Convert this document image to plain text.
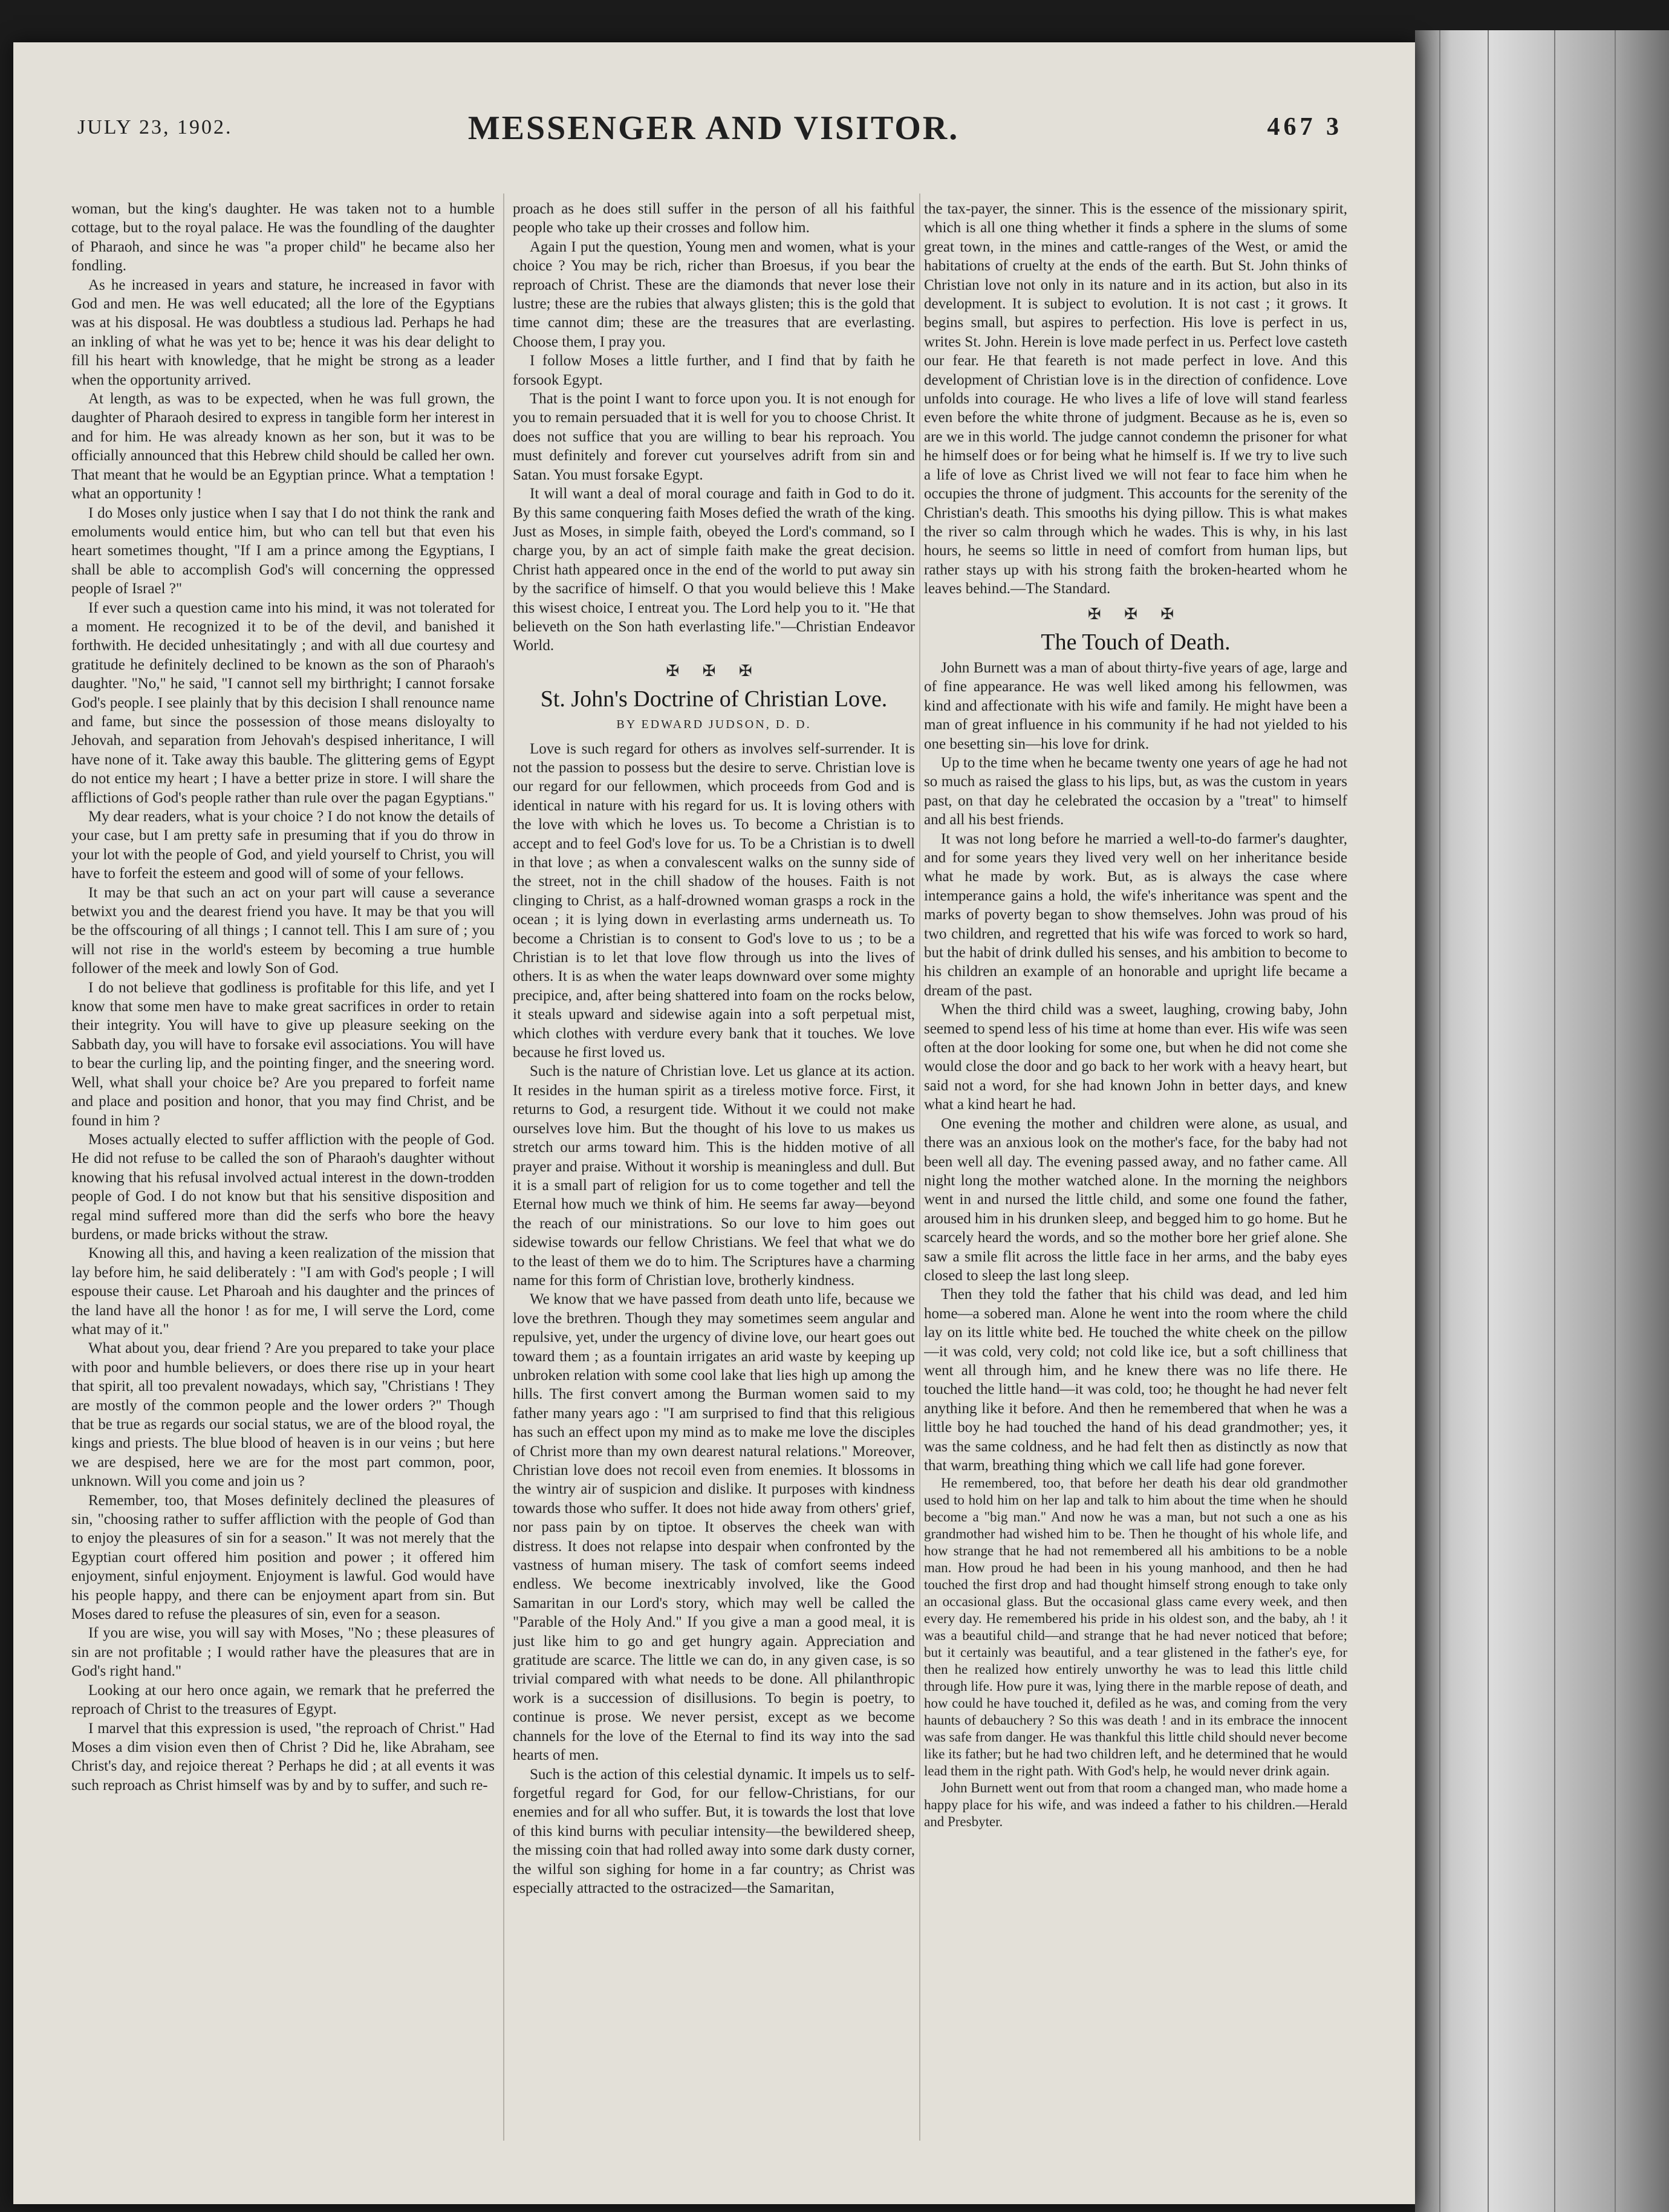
JULY 23, 1902.	MESSENGER AND VISITOR.	467 3

woman, but the king's daughter. He was taken not to a humble cottage, but to the royal palace. He was the foundling of the daughter of Pharaoh, and since he was "a proper child" he became also her fondling.

As he increased in years and stature, he increased in favor with God and men. He was well educated; all the lore of the Egyptians was at his disposal. He was doubtless a studious lad. Perhaps he had an inkling of what he was yet to be; hence it was his dear delight to fill his heart with knowledge, that he might be strong as a leader when the opportunity arrived.

At length, as was to be expected, when he was full grown, the daughter of Pharaoh desired to express in tangible form her interest in and for him. He was already known as her son, but it was to be officially announced that this Hebrew child should be called her own. That meant that he would be an Egyptian prince. What a temptation ! what an opportunity !

I do Moses only justice when I say that I do not think the rank and emoluments would entice him, but who can tell but that even his heart sometimes thought, "If I am a prince among the Egyptians, I shall be able to accomplish God's will concerning the oppressed people of Israel ?"

If ever such a question came into his mind, it was not tolerated for a moment. He recognized it to be of the devil, and banished it forthwith. He decided unhesitatingly ; and with all due courtesy and gratitude he definitely declined to be known as the son of Pharaoh's daughter. "No," he said, "I cannot sell my birthright; I cannot forsake God's people. I see plainly that by this decision I shall renounce name and fame, but since the possession of those means disloyalty to Jehovah, and separation from Jehovah's despised inheritance, I will have none of it. Take away this bauble. The glittering gems of Egypt do not entice my heart ; I have a better prize in store. I will share the afflictions of God's people rather than rule over the pagan Egyptians."

My dear readers, what is your choice ? I do not know the details of your case, but I am pretty safe in presuming that if you do throw in your lot with the people of God, and yield yourself to Christ, you will have to forfeit the esteem and good will of some of your fellows.

It may be that such an act on your part will cause a severance betwixt you and the dearest friend you have. It may be that you will be the offscouring of all things ; I cannot tell. This I am sure of ; you will not rise in the world's esteem by becoming a true humble follower of the meek and lowly Son of God.

I do not believe that godliness is profitable for this life, and yet I know that some men have to make great sacrifices in order to retain their integrity. You will have to give up pleasure seeking on the Sabbath day, you will have to forsake evil associations. You will have to bear the curling lip, and the pointing finger, and the sneering word. Well, what shall your choice be? Are you prepared to forfeit name and place and position and honor, that you may find Christ, and be found in him ?

Moses actually elected to suffer affliction with the people of God. He did not refuse to be called the son of Pharaoh's daughter without knowing that his refusal involved actual interest in the down-trodden people of God. I do not know but that his sensitive disposition and regal mind suffered more than did the serfs who bore the heavy burdens, or made bricks without the straw.

Knowing all this, and having a keen realization of the mission that lay before him, he said deliberately : "I am with God's people ; I will espouse their cause. Let Pharoah and his daughter and the princes of the land have all the honor ! as for me, I will serve the Lord, come what may of it."

What about you, dear friend ? Are you prepared to take your place with poor and humble believers, or does there rise up in your heart that spirit, all too prevalent nowadays, which say, "Christians ! They are mostly of the common people and the lower orders ?" Though that be true as regards our social status, we are of the blood royal, the kings and priests. The blue blood of heaven is in our veins ; but here we are despised, here we are for the most part common, poor, unknown. Will you come and join us ?

Remember, too, that Moses definitely declined the pleasures of sin, "choosing rather to suffer affliction with the people of God than to enjoy the pleasures of sin for a season." It was not merely that the Egyptian court offered him position and power ; it offered him enjoyment, sinful enjoyment. Enjoyment is lawful. God would have his people happy, and there can be enjoyment apart from sin. But Moses dared to refuse the pleasures of sin, even for a season.

If you are wise, you will say with Moses, "No ; these pleasures of sin are not profitable ; I would rather have the pleasures that are in God's right hand."

Looking at our hero once again, we remark that he preferred the reproach of Christ to the treasures of Egypt.

I marvel that this expression is used, "the reproach of Christ." Had Moses a dim vision even then of Christ ? Did he, like Abraham, see Christ's day, and rejoice thereat ? Perhaps he did ; at all events it was such reproach as Christ himself was by and by to suffer, and such re-

proach as he does still suffer in the person of all his faithful people who take up their crosses and follow him.

Again I put the question, Young men and women, what is your choice ? You may be rich, richer than Broesus, if you bear the reproach of Christ. These are the diamonds that never lose their lustre; these are the rubies that always glisten; this is the gold that time cannot dim; these are the treasures that are everlasting. Choose them, I pray you.

I follow Moses a little further, and I find that by faith he forsook Egypt.

That is the point I want to force upon you. It is not enough for you to remain persuaded that it is well for you to choose Christ. It does not suffice that you are willing to bear his reproach. You must definitely and forever cut yourselves adrift from sin and Satan. You must forsake Egypt.

It will want a deal of moral courage and faith in God to do it. By this same conquering faith Moses defied the wrath of the king. Just as Moses, in simple faith, obeyed the Lord's command, so I charge you, by an act of simple faith make the great decision. Christ hath appeared once in the end of the world to put away sin by the sacrifice of himself. O that you would believe this ! Make this wisest choice, I entreat you. The Lord help you to it. "He that believeth on the Son hath everlasting life."—Christian Endeavor World.

✠ ✠ ✠
St. John's Doctrine of Christian Love.
BY EDWARD JUDSON, D. D.

Love is such regard for others as involves self-surrender. It is not the passion to possess but the desire to serve. Christian love is our regard for our fellowmen, which proceeds from God and is identical in nature with his regard for us. It is loving others with the love with which he loves us. To become a Christian is to accept and to feel God's love for us. To be a Christian is to dwell in that love ; as when a convalescent walks on the sunny side of the street, not in the chill shadow of the houses. Faith is not clinging to Christ, as a half-drowned woman grasps a rock in the ocean ; it is lying down in everlasting arms underneath us. To become a Christian is to consent to God's love to us ; to be a Christian is to let that love flow through us into the lives of others. It is as when the water leaps downward over some mighty precipice, and, after being shattered into foam on the rocks below, it steals upward and sidewise again into a soft perpetual mist, which clothes with verdure every bank that it touches. We love because he first loved us.

Such is the nature of Christian love. Let us glance at its action. It resides in the human spirit as a tireless motive force. First, it returns to God, a resurgent tide. Without it we could not make ourselves love him. But the thought of his love to us makes us stretch our arms toward him. This is the hidden motive of all prayer and praise. Without it worship is meaningless and dull. But it is a small part of religion for us to come together and tell the Eternal how much we think of him. He seems far away—beyond the reach of our ministrations. So our love to him goes out sidewise towards our fellow Christians. We feel that what we do to the least of them we do to him. The Scriptures have a charming name for this form of Christian love, brotherly kindness.

We know that we have passed from death unto life, because we love the brethren. Though they may sometimes seem angular and repulsive, yet, under the urgency of divine love, our heart goes out toward them ; as a fountain irrigates an arid waste by keeping up unbroken relation with some cool lake that lies high up among the hills. The first convert among the Burman women said to my father many years ago : "I am surprised to find that this religious has such an effect upon my mind as to make me love the disciples of Christ more than my own dearest natural relations." Moreover, Christian love does not recoil even from enemies. It blossoms in the wintry air of suspicion and dislike. It purposes with kindness towards those who suffer. It does not hide away from others' grief, nor pass pain by on tiptoe. It observes the cheek wan with distress. It does not relapse into despair when confronted by the vastness of human misery. The task of comfort seems indeed endless. We become inextricably involved, like the Good Samaritan in our Lord's story, which may well be called the "Parable of the Holy And." If you give a man a good meal, it is just like him to go and get hungry again. Appreciation and gratitude are scarce. The little we can do, in any given case, is so trivial compared with what needs to be done. All philanthropic work is a succession of disillusions. To begin is poetry, to continue is prose. We never persist, except as we become channels for the love of the Eternal to find its way into the sad hearts of men.

Such is the action of this celestial dynamic. It impels us to self-forgetful regard for God, for our fellow-Christians, for our enemies and for all who suffer. But, it is towards the lost that love of this kind burns with peculiar intensity—the bewildered sheep, the missing coin that had rolled away into some dark dusty corner, the wilful son sighing for home in a far country; as Christ was especially attracted to the ostracized—the Samaritan,

the tax-payer, the sinner. This is the essence of the missionary spirit, which is all one thing whether it finds a sphere in the slums of some great town, in the mines and cattle-ranges of the West, or amid the habitations of cruelty at the ends of the earth. But St. John thinks of Christian love not only in its nature and in its action, but also in its development. It is subject to evolution. It is not cast ; it grows. It begins small, but aspires to perfection. His love is perfect in us, writes St. John. Herein is love made perfect in us. Perfect love casteth our fear. He that feareth is not made perfect in love. And this development of Christian love is in the direction of confidence. Love unfolds into courage. He who lives a life of love will stand fearless even before the white throne of judgment. Because as he is, even so are we in this world. The judge cannot condemn the prisoner for what he himself does or for being what he himself is. If we try to live such a life of love as Christ lived we will not fear to face him when he occupies the throne of judgment. This accounts for the serenity of the Christian's death. This smooths his dying pillow. This is what makes the river so calm through which he wades. This is why, in his last hours, he seems so little in need of comfort from human lips, but rather stays up with his strong faith the broken-hearted whom he leaves behind.—The Standard.

✠ ✠ ✠
The Touch of Death.

John Burnett was a man of about thirty-five years of age, large and of fine appearance. He was well liked among his fellowmen, was kind and affectionate with his wife and family. He might have been a man of great influence in his community if he had not yielded to his one besetting sin—his love for drink.

Up to the time when he became twenty one years of age he had not so much as raised the glass to his lips, but, as was the custom in years past, on that day he celebrated the occasion by a "treat" to himself and all his best friends.

It was not long before he married a well-to-do farmer's daughter, and for some years they lived very well on her inheritance beside what he made by work. But, as is always the case where intemperance gains a hold, the wife's inheritance was spent and the marks of poverty began to show themselves. John was proud of his two children, and regretted that his wife was forced to work so hard, but the habit of drink dulled his senses, and his ambition to become to his children an example of an honorable and upright life became a dream of the past.

When the third child was a sweet, laughing, crowing baby, John seemed to spend less of his time at home than ever. His wife was seen often at the door looking for some one, but when he did not come she would close the door and go back to her work with a heavy heart, but said not a word, for she had known John in better days, and knew what a kind heart he had.

One evening the mother and children were alone, as usual, and there was an anxious look on the mother's face, for the baby had not been well all day. The evening passed away, and no father came. All night long the mother watched alone. In the morning the neighbors went in and nursed the little child, and some one found the father, aroused him in his drunken sleep, and begged him to go home. But he scarcely heard the words, and so the mother bore her grief alone. She saw a smile flit across the little face in her arms, and the baby eyes closed to sleep the last long sleep.

Then they told the father that his child was dead, and led him home—a sobered man. Alone he went into the room where the child lay on its little white bed. He touched the white cheek on the pillow—it was cold, very cold; not cold like ice, but a soft chilliness that went all through him, and he knew there was no life there. He touched the little hand—it was cold, too; he thought he had never felt anything like it before. And then he remembered that when he was a little boy he had touched the hand of his dead grandmother; yes, it was the same coldness, and he had felt then as distinctly as now that that warm, breathing thing which we call life had gone forever.

He remembered, too, that before her death his dear old grandmother used to hold him on her lap and talk to him about the time when he should become a "big man." And now he was a man, but not such a one as his grandmother had wished him to be. Then he thought of his whole life, and how strange that he had not remembered all his ambitions to be a noble man. How proud he had been in his young manhood, and then he had touched the first drop and had thought himself strong enough to take only an occasional glass. But the occasional glass came every week, and then every day. He remembered his pride in his oldest son, and the baby, ah ! it was a beautiful child—and strange that he had never noticed that before; but it certainly was beautiful, and a tear glistened in the father's eye, for then he realized how entirely unworthy he was to lead this little child through life. How pure it was, lying there in the marble repose of death, and how could he have touched it, defiled as he was, and coming from the very haunts of debauchery ? So this was death ! and in its embrace the innocent was safe from danger. He was thankful this little child should never become like its father; but he had two children left, and he determined that he would lead them in the right path. With God's help, he would never drink again.

John Burnett went out from that room a changed man, who made home a happy place for his wife, and was indeed a father to his children.—Herald and Presbyter.
